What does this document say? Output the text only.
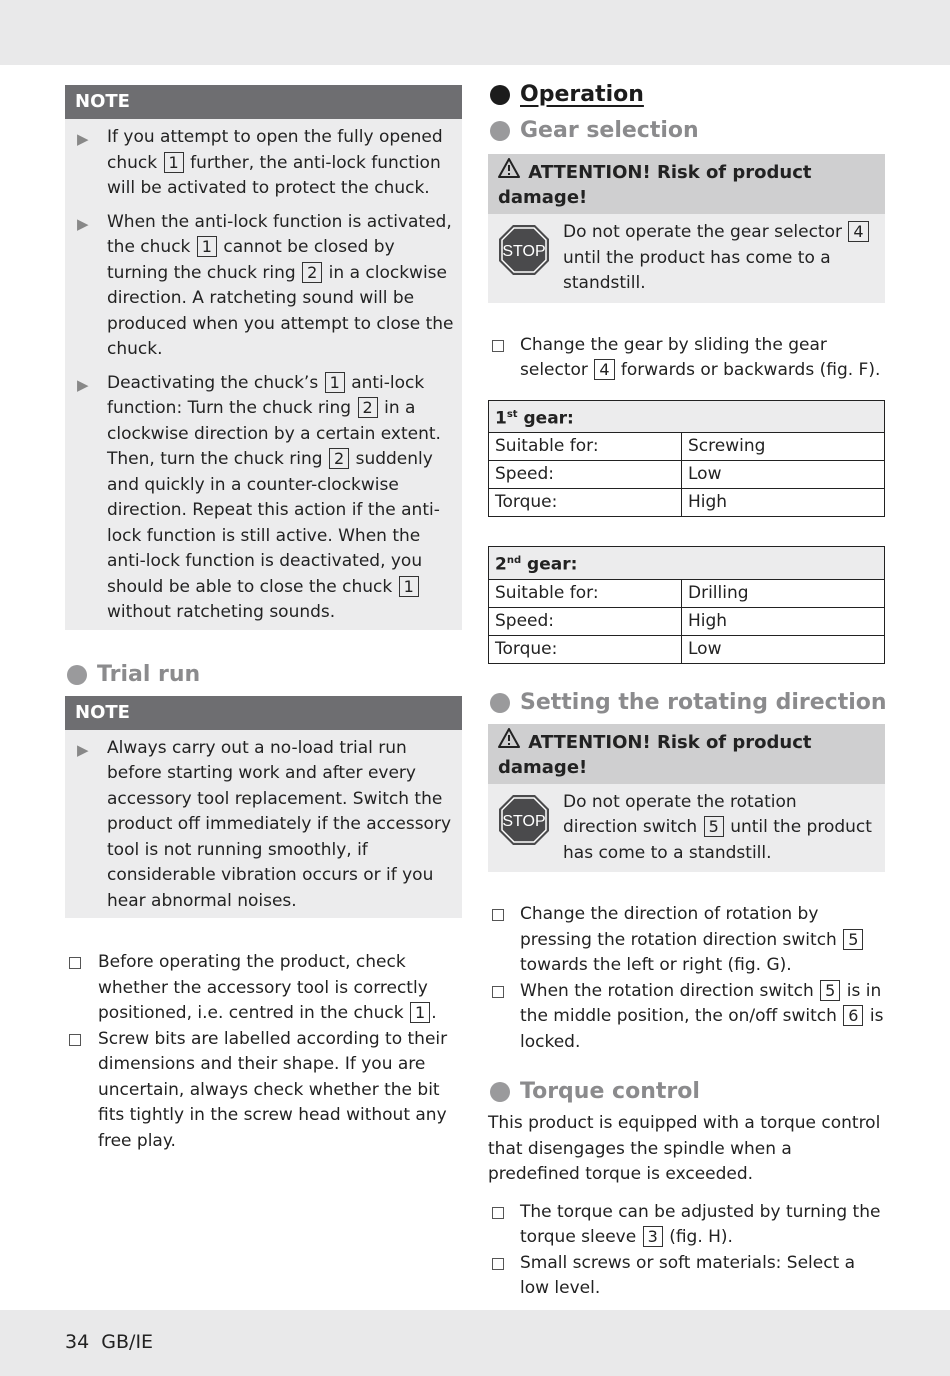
NOTE
▶ If you attempt to open the fully opened chuck 1 further, the anti-lock function will be activated to protect the chuck.
▶ When the anti-lock function is activated, the chuck 1 cannot be closed by turning the chuck ring 2 in a clockwise direction. A ratcheting sound will be produced when you attempt to close the chuck.
▶ Deactivating the chuck’s 1 anti-lock function: Turn the chuck ring 2 in a clockwise direction by a certain extent. Then, turn the chuck ring 2 suddenly and quickly in a counter-clockwise direction. Repeat this action if the anti-lock function is still active. When the anti-lock function is deactivated, you should be able to close the chuck 1 without ratcheting sounds.
Trial run
NOTE
▶ Always carry out a no-load trial run before starting work and after every accessory tool replacement. Switch the product off immediately if the accessory tool is not running smoothly, if considerable vibration occurs or if you hear abnormal noises.
Before operating the product, check whether the accessory tool is correctly positioned, i.e. centred in the chuck 1 .
Screw bits are labelled according to their dimensions and their shape. If you are uncertain, always check whether the bit fits tightly in the screw head without any free play.
Operation
Gear selection
ATTENTION! Risk of product damage!
STOP
Do not operate the gear selector 4 until the product has come to a standstill.
Change the gear by sliding the gear selector 4 forwards or backwards (fig. F).
1st gear:	
Suitable for:	Screwing
Speed:	Low
Torque:	High
2nd gear:	
Suitable for:	Drilling
Speed:	High
Torque:	Low
Setting the rotating direction
ATTENTION! Risk of product damage!
STOP
Do not operate the rotation direction switch 5 until the product has come to a standstill.
Change the direction of rotation by pressing the rotation direction switch 5 towards the left or right (fig. G).
When the rotation direction switch 5 is in the middle position, the on/off switch 6 is locked.
Torque control
This product is equipped with a torque control that disengages the spindle when a predefined torque is exceeded.
The torque can be adjusted by turning the torque sleeve 3 (fig. H).
Small screws or soft materials: Select a low level.
34 GB/IE
